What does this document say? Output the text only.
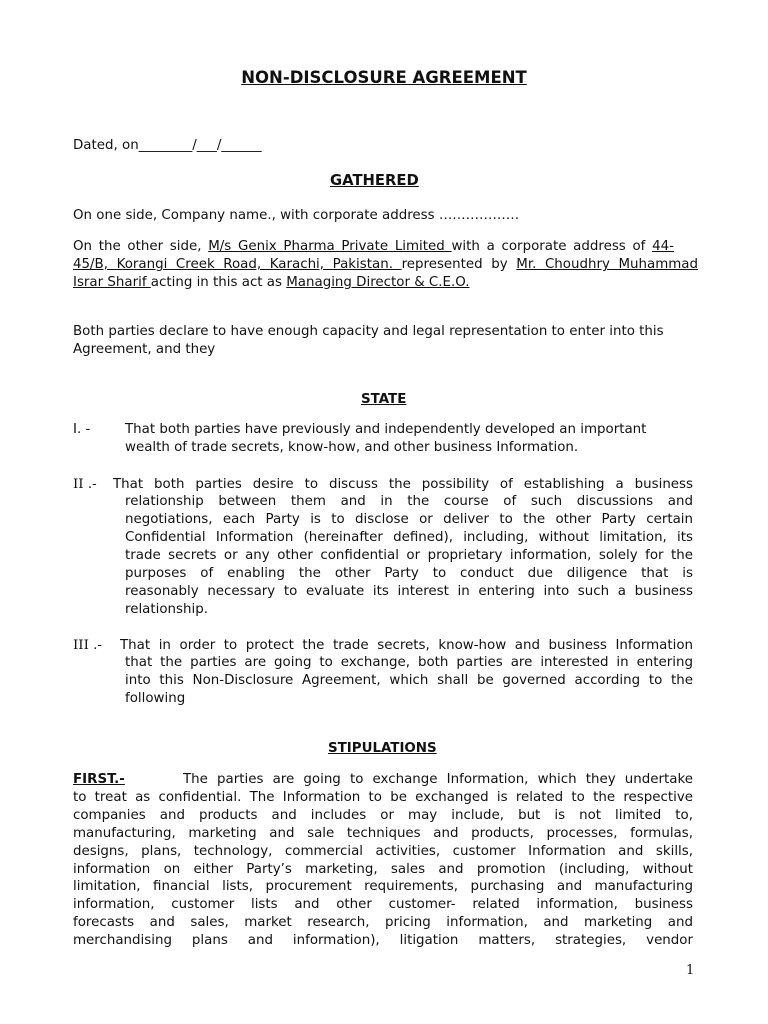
NON-DISCLOSURE AGREEMENT
Dated, on________/___/______
GATHERED
On one side, Company name., with corporate address ………………
On the other side, M/s Genix Pharma Private Limited with a corporate address of 44-
45/B, Korangi Creek Road, Karachi, Pakistan. represented by Mr. Choudhry Muhammad
Israr Sharif acting in this act as Managing Director & C.E.O.
Both parties declare to have enough capacity and legal representation to enter into this
Agreement, and they
STATE
I. -	That both parties have previously and independently developed an important
wealth of trade secrets, know-how, and other business Information.
II .- That both parties desire to discuss the possibility of establishing a business
relationship between them and in the course of such discussions and
negotiations, each Party is to disclose or deliver to the other Party certain
Confidential Information (hereinafter defined), including, without limitation, its
trade secrets or any other confidential or proprietary information, solely for the
purposes of enabling the other Party to conduct due diligence that is
reasonably necessary to evaluate its interest in entering into such a business
relationship.
III .- That in order to protect the trade secrets, know-how and business Information
that the parties are going to exchange, both parties are interested in entering
into this Non-Disclosure Agreement, which shall be governed according to the
following
STIPULATIONS
FIRST.-	The parties are going to exchange Information, which they undertake
to treat as confidential. The Information to be exchanged is related to the respective
companies and products and includes or may include, but is not limited to,
manufacturing, marketing and sale techniques and products, processes, formulas,
designs, plans, technology, commercial activities, customer Information and skills,
information on either Party’s marketing, sales and promotion (including, without
limitation, financial lists, procurement requirements, purchasing and manufacturing
information, customer lists and other customer- related information, business
forecasts and sales, market research, pricing information, and marketing and
merchandising plans and information), litigation matters, strategies, vendor
1
